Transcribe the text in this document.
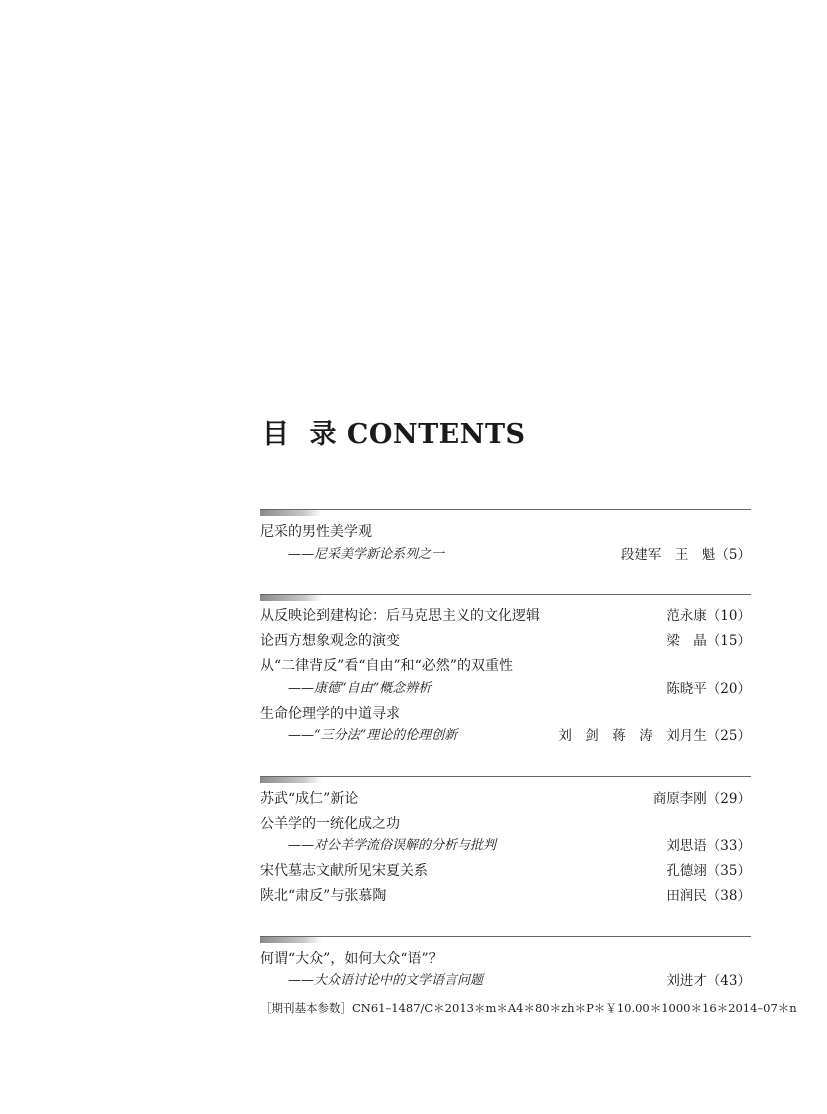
目 录 CONTENTS
尼采的男性美学观
——尼采美学新论系列之一	段建军　王　魁（5）
从反映论到建构论：后马克思主义的文化逻辑	范永康（10）
论西方想象观念的演变	梁　晶（15）
从“二律背反”看“自由”和“必然”的双重性
——康德“自由”概念辨析	陈晓平（20）
生命伦理学的中道寻求
——“三分法”理论的伦理创新	刘　剑　蒋　涛　刘月生（25）
苏武“成仁”新论	商原李刚（29）
公羊学的一统化成之功
——对公羊学流俗误解的分析与批判	刘思语（33）
宋代墓志文献所见宋夏关系	孔德翊（35）
陕北“肃反”与张慕陶	田润民（38）
何谓“大众”，如何大众“语”？
——大众语讨论中的文学语言问题	刘进才（43）
［期刊基本参数］CN61–1487/C＊2013＊m＊A4＊80＊zh＊P＊￥10.00＊1000＊16＊2014–07＊n
